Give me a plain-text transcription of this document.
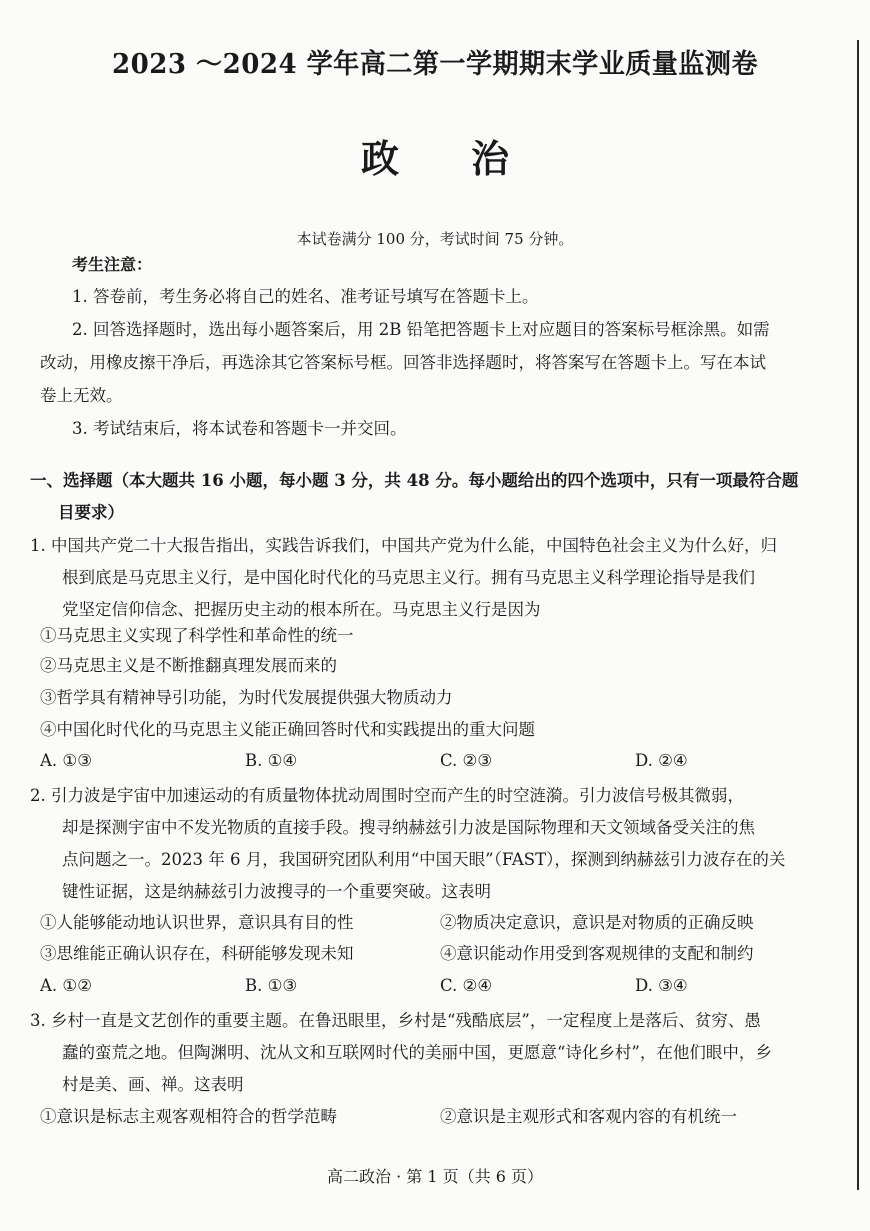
2023 ～2024 学年高二第一学期期末学业质量监测卷
政治
本试卷满分 100 分，考试时间 75 分钟。
考生注意：
1. 答卷前，考生务必将自己的姓名、准考证号填写在答题卡上。
2. 回答选择题时，选出每小题答案后，用 2B 铅笔把答题卡上对应题目的答案标号框涂黑。如需
改动，用橡皮擦干净后，再选涂其它答案标号框。回答非选择题时，将答案写在答题卡上。写在本试
卷上无效。
3. 考试结束后，将本试卷和答题卡一并交回。
一、选择题（本大题共 16 小题，每小题 3 分，共 48 分。每小题给出的四个选项中，只有一项最符合题
目要求）
1. 中国共产党二十大报告指出，实践告诉我们，中国共产党为什么能，中国特色社会主义为什么好，归
根到底是马克思主义行，是中国化时代化的马克思主义行。拥有马克思主义科学理论指导是我们
党坚定信仰信念、把握历史主动的根本所在。马克思主义行是因为
①马克思主义实现了科学性和革命性的统一
②马克思主义是不断推翻真理发展而来的
③哲学具有精神导引功能，为时代发展提供强大物质动力
④中国化时代化的马克思主义能正确回答时代和实践提出的重大问题
A. ①③	B. ①④	C. ②③	D. ②④
2. 引力波是宇宙中加速运动的有质量物体扰动周围时空而产生的时空涟漪。引力波信号极其微弱，
却是探测宇宙中不发光物质的直接手段。搜寻纳赫兹引力波是国际物理和天文领域备受关注的焦
点问题之一。2023 年 6 月，我国研究团队利用“中国天眼”（FAST），探测到纳赫兹引力波存在的关
键性证据，这是纳赫兹引力波搜寻的一个重要突破。这表明
①人能够能动地认识世界，意识具有目的性	②物质决定意识，意识是对物质的正确反映
③思维能正确认识存在，科研能够发现未知	④意识能动作用受到客观规律的支配和制约
A. ①②	B. ①③	C. ②④	D. ③④
3. 乡村一直是文艺创作的重要主题。在鲁迅眼里，乡村是“残酷底层”，一定程度上是落后、贫穷、愚
蠢的蛮荒之地。但陶渊明、沈从文和互联网时代的美丽中国，更愿意“诗化乡村”，在他们眼中，乡
村是美、画、禅。这表明
①意识是标志主观客观相符合的哲学范畴	②意识是主观形式和客观内容的有机统一
高二政治 · 第 1 页（共 6 页）
